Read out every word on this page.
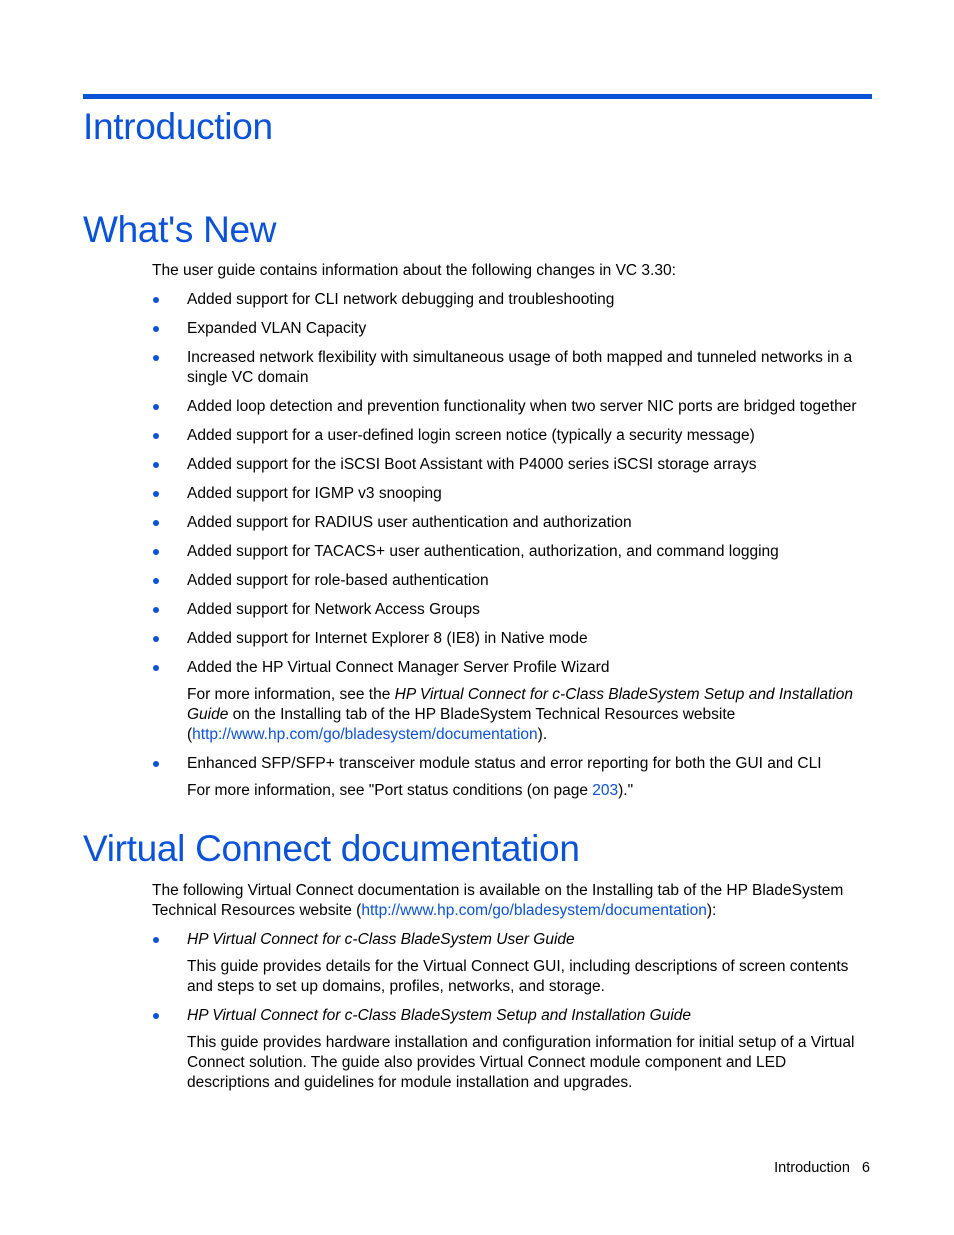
Introduction
What's New

The user guide contains information about the following changes in VC 3.30:

Added support for CLI network debugging and troubleshooting
Expanded VLAN Capacity
Increased network flexibility with simultaneous usage of both mapped and tunneled networks in a single VC domain
Added loop detection and prevention functionality when two server NIC ports are bridged together
Added support for a user-defined login screen notice (typically a security message)
Added support for the iSCSI Boot Assistant with P4000 series iSCSI storage arrays
Added support for IGMP v3 snooping
Added support for RADIUS user authentication and authorization
Added support for TACACS+ user authentication, authorization, and command logging
Added support for role-based authentication
Added support for Network Access Groups
Added support for Internet Explorer 8 (IE8) in Native mode
Added the HP Virtual Connect Manager Server Profile Wizard

For more information, see the HP Virtual Connect for c-Class BladeSystem Setup and Installation Guide on the Installing tab of the HP BladeSystem Technical Resources website (http://www.hp.com/go/bladesystem/documentation).

Enhanced SFP/SFP+ transceiver module status and error reporting for both the GUI and CLI

For more information, see "Port status conditions (on page 203)."

Virtual Connect documentation

The following Virtual Connect documentation is available on the Installing tab of the HP BladeSystem Technical Resources website (http://www.hp.com/go/bladesystem/documentation):

HP Virtual Connect for c-Class BladeSystem User Guide

This guide provides details for the Virtual Connect GUI, including descriptions of screen contents and steps to set up domains, profiles, networks, and storage.

HP Virtual Connect for c-Class BladeSystem Setup and Installation Guide

This guide provides hardware installation and configuration information for initial setup of a Virtual Connect solution. The guide also provides Virtual Connect module component and LED descriptions and guidelines for module installation and upgrades.

Introduction 6
